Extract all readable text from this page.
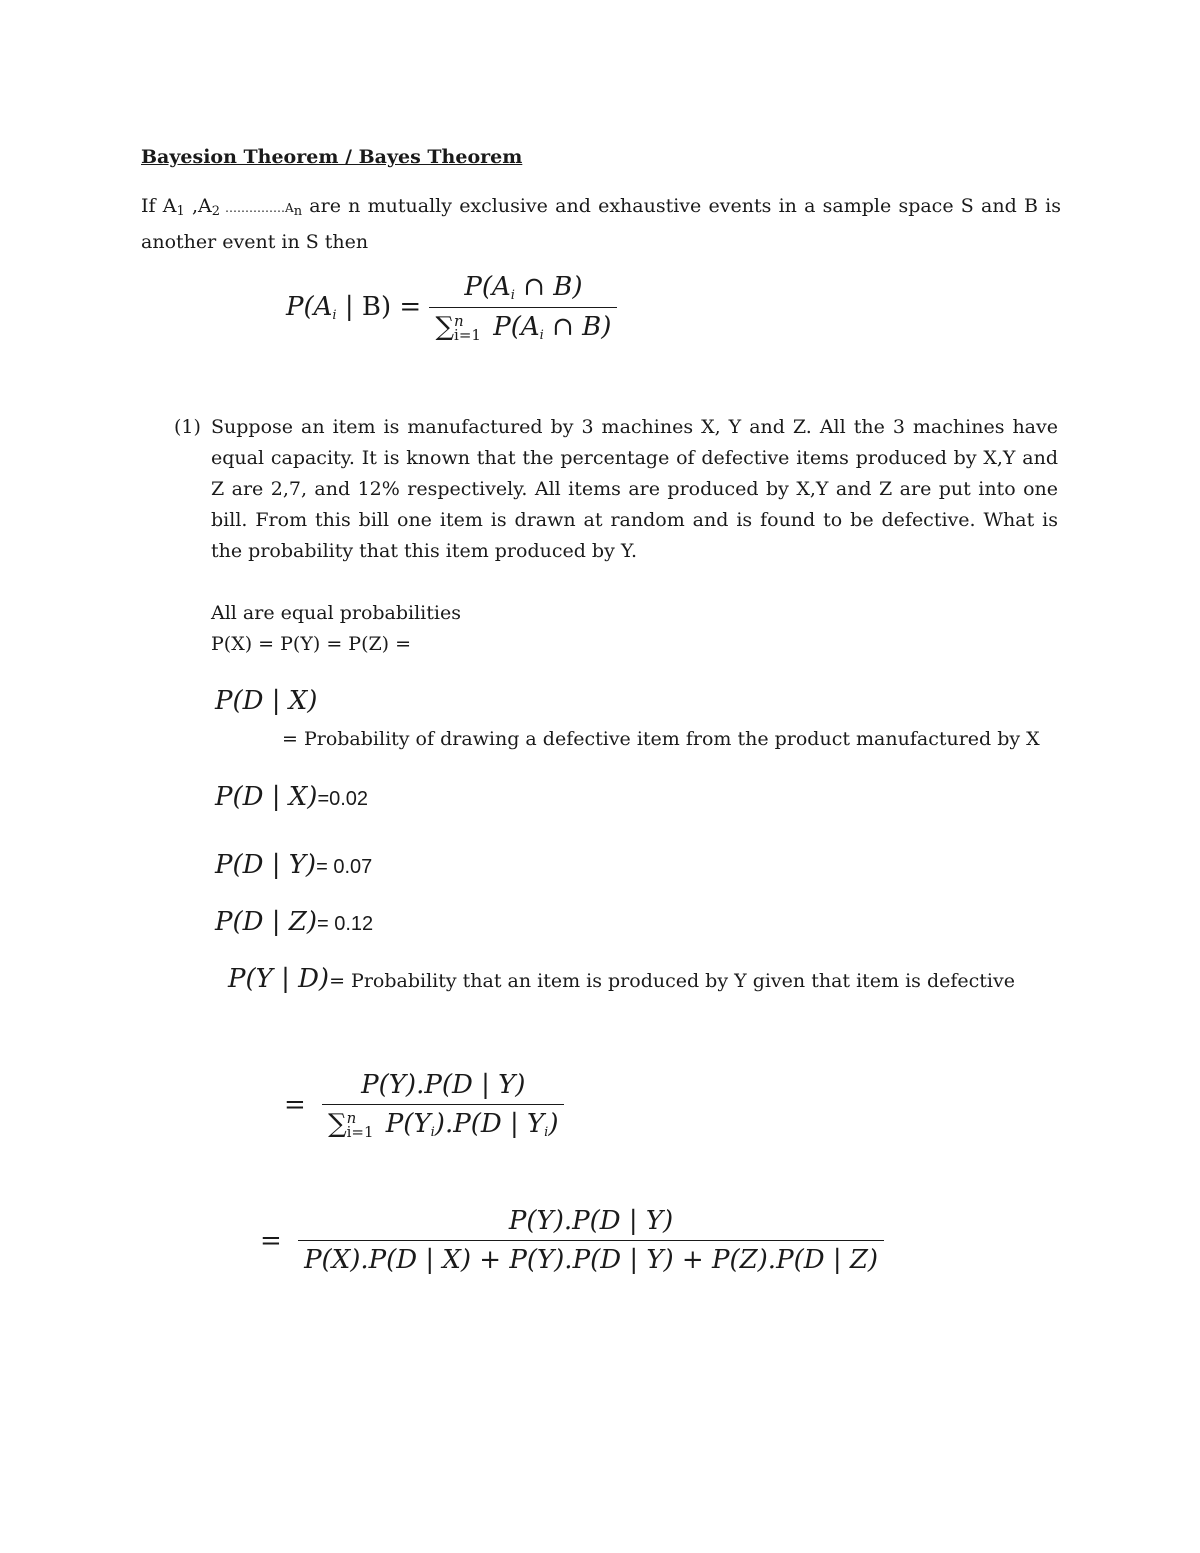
Bayesion Theorem / Bayes Theorem
If $A_1$ $,A_2$ $\dots\dots\dots\dots\dots A_n$ are n mutually exclusive and exhaustive events in a sample space S and B is another event in S then
P(Ai | B) = P(Ai ∩ B)
∑ n
i=1 P(Ai ∩ B)
(1) Suppose an item is manufactured by 3 machines X, Y and Z. All the 3 machines have equal capacity. It is known that the percentage of defective items produced by X,Y and Z are 2,7, and 12% respectively. All items are produced by X,Y and Z are put into one bill. From this bill one item is drawn at random and is found to be defective. What is the probability that this item produced by Y.
All are equal probabilities
P(X) = P(Y) = P(Z) =
P(D | X)
= Probability of drawing a defective item from the product manufactured by X
P(D | X)=0.02
P(D | Y)= 0.07
P(D | Z)= 0.12
P(Y | D)= Probability that an item is produced by Y given that item is defective
= P(Y).P(D | Y)
∑ n
i=1 P(Yi).P(D | Yi)
= $\frac{P(Y).P(D | Y)}{P(X).P(D | X) + P(Y).P(D | Y) + P(Z).P(D | Z)}$
